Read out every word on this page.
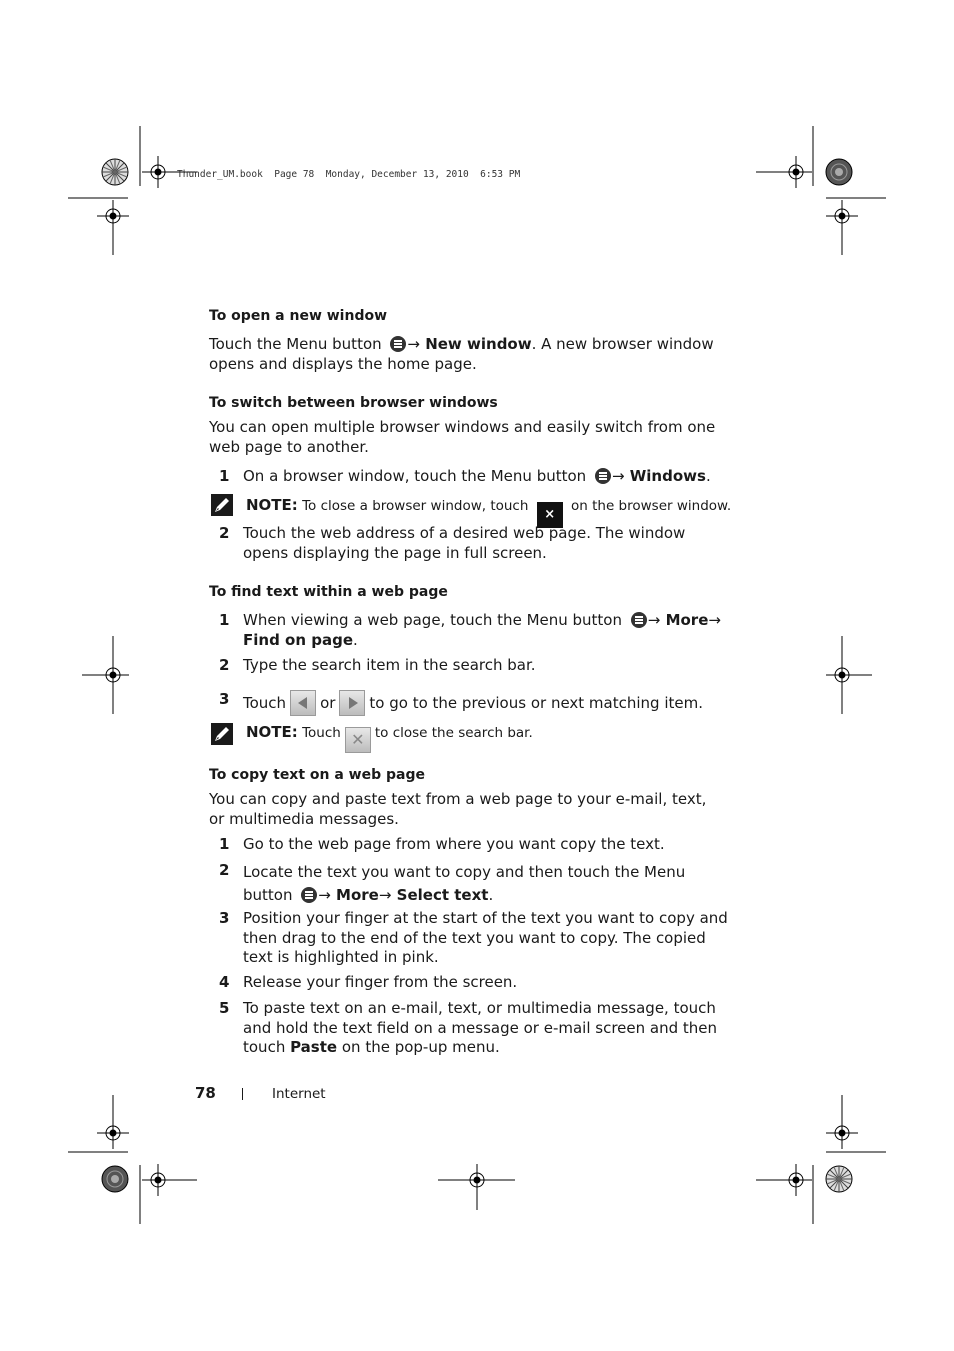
Thunder_UM.book  Page 78  Monday, December 13, 2010  6:53 PM
To open a new window
Touch the Menu button → New window. A new browser window opens and displays the home page.
To switch between browser windows
You can open multiple browser windows and easily switch from one web page to another.
1 On a browser window, touch the Menu button → Windows.
NOTE: To close a browser window, touch × on the browser window.
2 Touch the web address of a desired web page. The window opens displaying the page in full screen.
To find text within a web page
1 When viewing a web page, touch the Menu button → More→
Find on page.
2 Type the search item in the search bar.
3 Touch or to go to the previous or next matching item.
NOTE: Touch ✕ to close the search bar.
To copy text on a web page
You can copy and paste text from a web page to your e-mail, text, or multimedia messages.
1 Go to the web page from where you want copy the text.
2 Locate the text you want to copy and then touch the Menu
button → More→ Select text.
3 Position your finger at the start of the text you want to copy and then drag to the end of the text you want to copy. The copied text is highlighted in pink.
4 Release your finger from the screen.
5 To paste text on an e-mail, text, or multimedia message, touch and hold the text field on a message or e-mail screen and then touch Paste on the pop-up menu.
78	Internet
